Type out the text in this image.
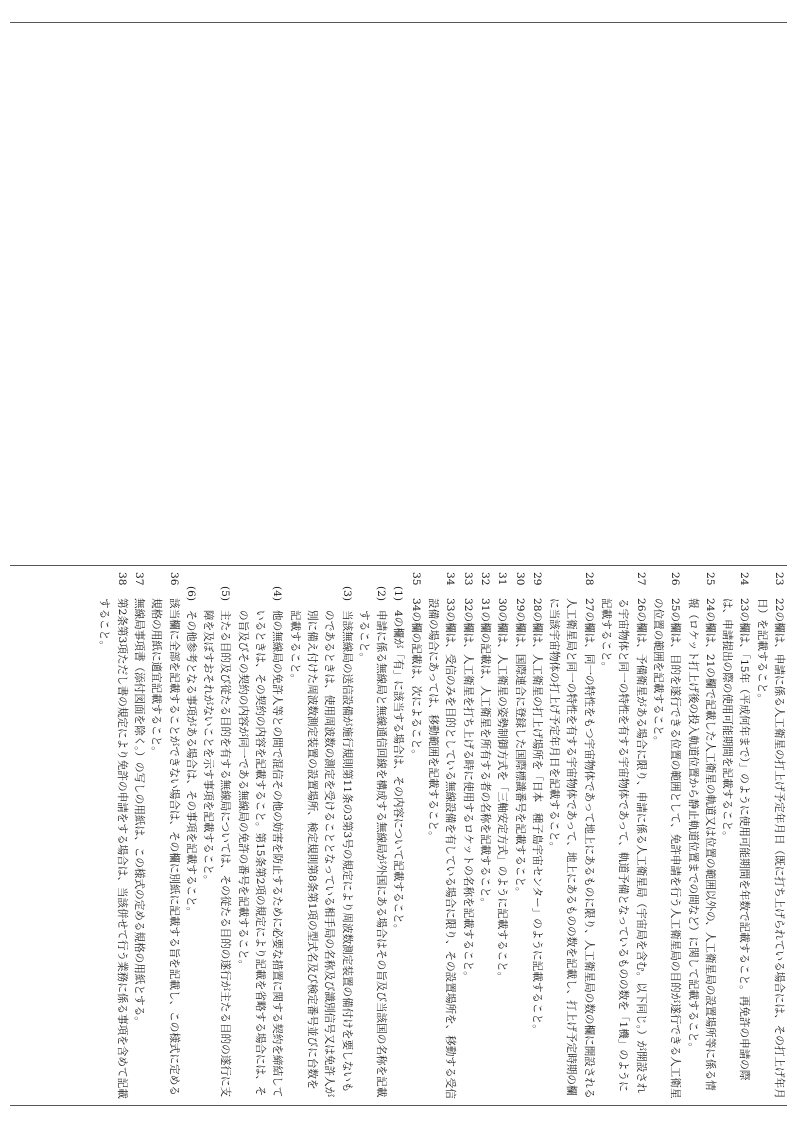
23
22の欄は、申請に係る人工衛星の打上げ予定年月日（既に打ち上げられている場合には、その打上げ年月日）を記載すること。
24
23の欄は、「15年（平成何年まで）」のように使用可能期間を年数で記載すること。再免許の申請の際は、申請提出の際の使用可能期間を記載すること。
25
24の欄は、21の欄で記載した人工衛星の軌道又は位置の範囲以外の、人工衛星局の設置場所等に係る情報（ロケット打上げ後の投入軌道位置から静止軌道位置までの間など）に関して記載すること。
26
25の欄は、目的を遂行できる位置の範囲として、免許申請を行う人工衛星局の目的が遂行できる人工衛星の位置の範囲を記載すること。
27
26の欄は、予備衛星がある場合に限り、申請に係る人工衛星局（宇宙局を含む。以下同じ。）が開設される宇宙物体と同一の特性を有する宇宙物体であって、軌道予備となっているものの数を「1機」のように記載すること。
28
27の欄は、同一の特性をもつ宇宙物体であって地上にあるものに限り、人工衛星局の数の欄に開設される人工衛星局と同一の特性を有する宇宙物体であって、地上にあるものの数を記載し、打上げ予定時期の欄に当該宇宙物体の打上げ予定年月日を記載すること。
29
28の欄は、人工衛星の打上げ場所を「日本　種子島宇宙センター」のように記載すること。
30
29の欄は、国際連合に登録した国際標識番号を記載すること。
31
30の欄は、人工衛星の姿勢制御方式を「三軸安定方式」のように記載すること。
32
31の欄の記載は、人工衛星を所有する者の名称を記載すること。
33
32の欄は、人工衛星を打ち上げる時に使用するロケットの名称を記載すること。
34
33の欄は、受信のみを目的としている無線設備を有している場合に限り、その設置場所を、移動する受信設備の場合にあっては、移動範囲を記載すること。
35
34の欄の記載は、次によること。
(1)
4の欄が「有」に該当する場合は、その内容について記載すること。
(2)
申請に係る無線局と無線通信回線を構成する無線局が外国にある場合はその旨及び当該国の名称を記載すること。
(3)
当該無線局の送信設備が施行規則第11条の3第3号の規定により周波数測定装置の備付けを要しないものであるときは、使用周波数の測定を受けることとなっている相手局の名称及び識別信号又は免許人が別に備え付けた周波数測定装置の設置場所、検定規則第8条第1項の型式名及び検定番号並びに台数を記載すること。
(4)
他の無線局の免許人等との間で混信その他の妨害を防止するために必要な措置に関する契約を締結しているときは、その契約の内容を記載すること。第15条第2項の規定により記載を省略する場合には、その旨及びその契約の内容が同一である無線局の免許の番号を記載すること。
(5)
主たる目的及び従たる目的を有する無線局については、その従たる目的の遂行が主たる目的の遂行に支障を及ぼすおそれがないことを示す事項を記載すること。
(6)
その他参考となる事項がある場合は、その事項を記載すること。
36
該当欄に全部を記載することができない場合は、その欄に別紙に記載する旨を記載し、この様式に定める規格の用紙に適宜記載すること。
37
無線局事項書（添付図面を除く。）の写しの用紙は、この様式の定める規格の用紙とする。
38
第2条第3項ただし書の規定により免許の申請をする場合は、当該併せて行う業務に係る事項を含めて記載すること。
